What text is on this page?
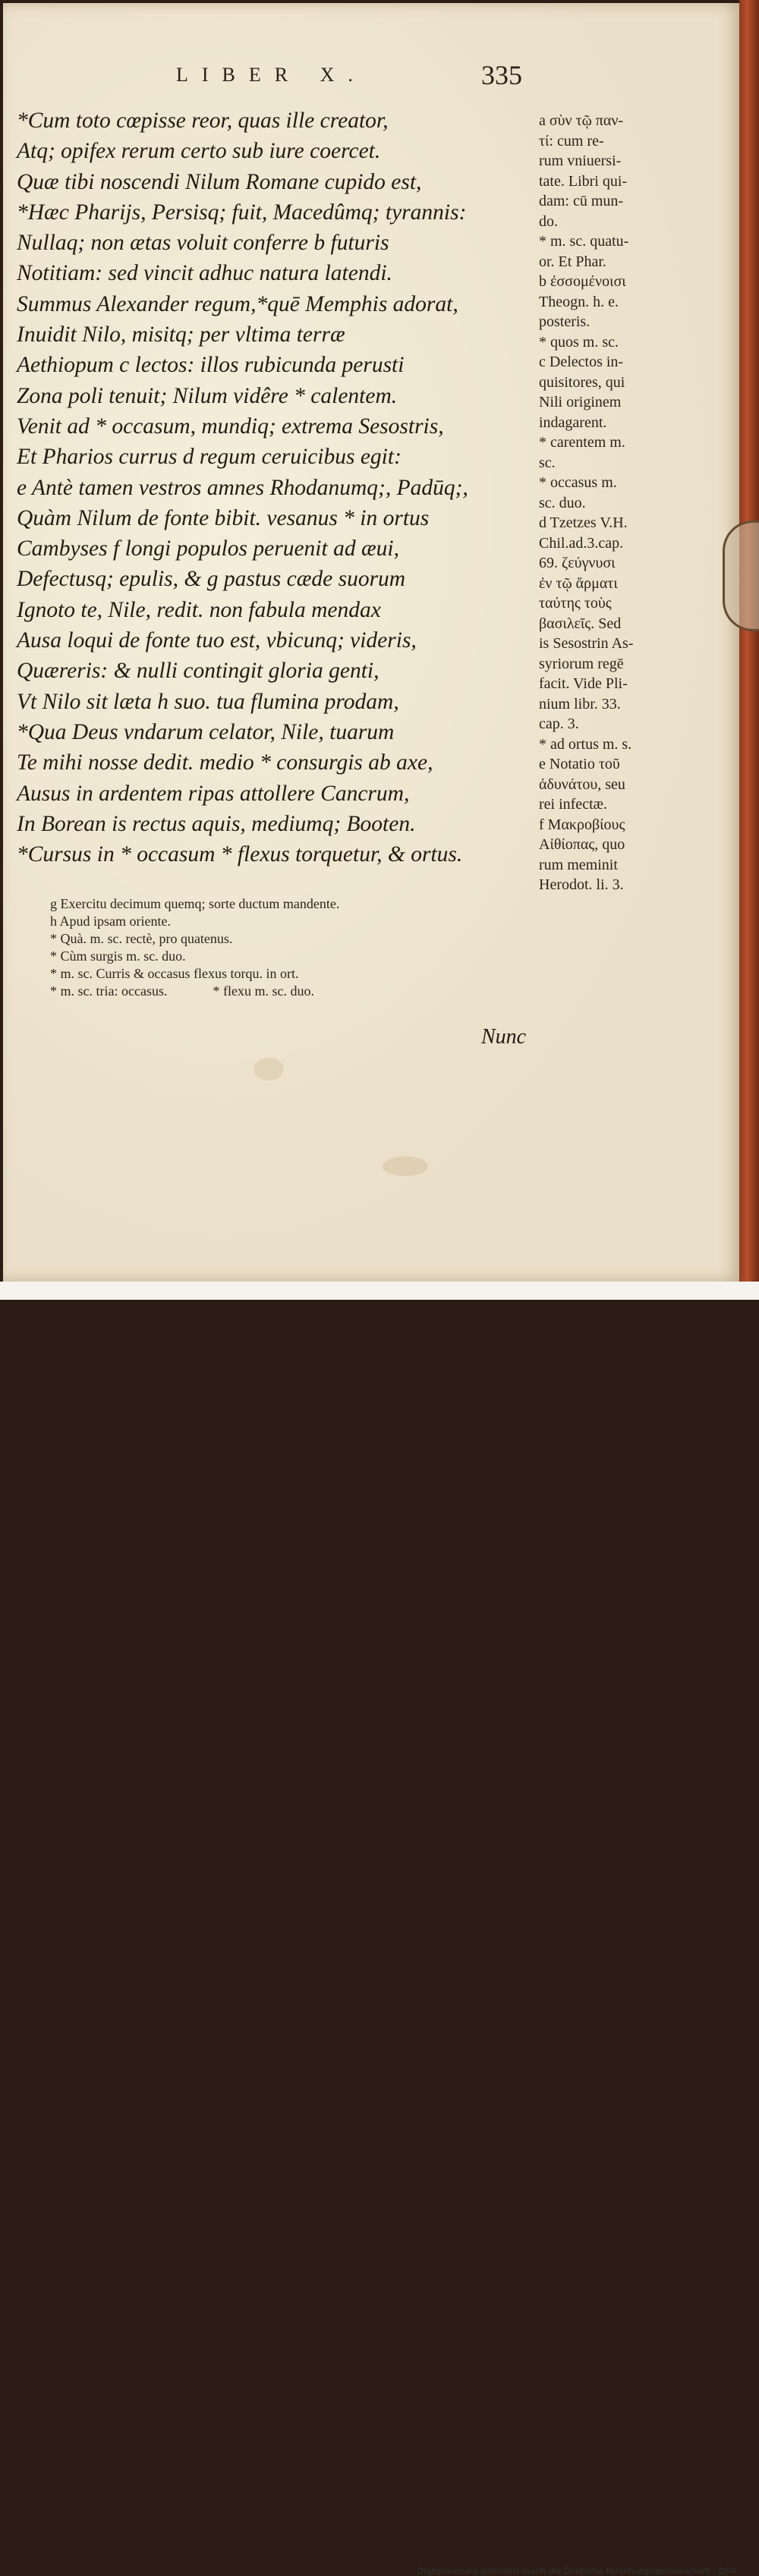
LIBER X.	335
*Cum toto cœpisse reor, quas ille creator,
Atq; opifex rerum certo sub iure coercet.
Quæ tibi noscendi Nilum Romane cupido est,
*Hæc Pharijs, Persisq; fuit, Macedûmq; tyrannis:
Nullaq; non ætas voluit conferre b futuris
Notitiam: sed vincit adhuc natura latendi.
Summus Alexander regum,*quē Memphis adorat,
Inuidit Nilo, misitq; per vltima terræ
Aethiopum c lectos: illos rubicunda perusti
Zona poli tenuit; Nilum vidêre * calentem.
Venit ad * occasum, mundiq; extrema Sesostris,
Et Pharios currus d regum ceruicibus egit:
e Antè tamen vestros amnes Rhodanumq;, Padūq;,
Quàm Nilum de fonte bibit. vesanus * in ortus
Cambyses f longi populos peruenit ad æui,
Defectusq; epulis, & g pastus cæde suorum
Ignoto te, Nile, redit. non fabula mendax
Ausa loqui de fonte tuo est, vbicunq; videris,
Quæreris: & nulli contingit gloria genti,
Vt Nilo sit læta h suo. tua flumina prodam,
*Qua Deus vndarum celator, Nile, tuarum
Te mihi nosse dedit. medio * consurgis ab axe,
Ausus in ardentem ripas attollere Cancrum,
In Borean is rectus aquis, mediumq; Booten.
*Cursus in * occasum * flexus torquetur, & ortus.
a σὺν τῷ παν-
τί: cum re-
rum vniuersi-
tate. Libri qui-
dam: cū mun-
do.
* m. sc. quatu-
or. Et Phar.
b ἐσσομένοισι
Theogn. h. e.
posteris.
* quos m. sc.
c Delectos in-
quisitores, qui
Nili originem
indagarent.
* carentem m.
sc.
* occasus m.
sc. duo.
d Tzetzes V.H.
Chil.ad.3.cap.
69. ζεύγνυσι
ἐν τῷ ἅρματι
ταύτης τοὺς
βασιλεῖς. Sed
is Sesostrin As-
syriorum regē
facit. Vide Pli-
nium libr. 33.
cap. 3.
* ad ortus m. s.
e Notatio τοῦ
ἀδυνάτου, seu
rei infectæ.
f Μακροβίους
Αἰθίοπας, quo
rum meminit
Herodot. li. 3.
g Exercitu decimum quemq; sorte ductum mandente.
h Apud ipsam oriente.
* Quà. m. sc. rectè, pro quatenus.
* Cùm surgis m. sc. duo.
* m. sc. Curris & occasus flexus torqu. in ort.
* m. sc. tria: occasus.	* flexu m. sc. duo.
Nunc
Digitalisierung gefördert durch die Deutsche Forschungsgemeinschaft - DFG
